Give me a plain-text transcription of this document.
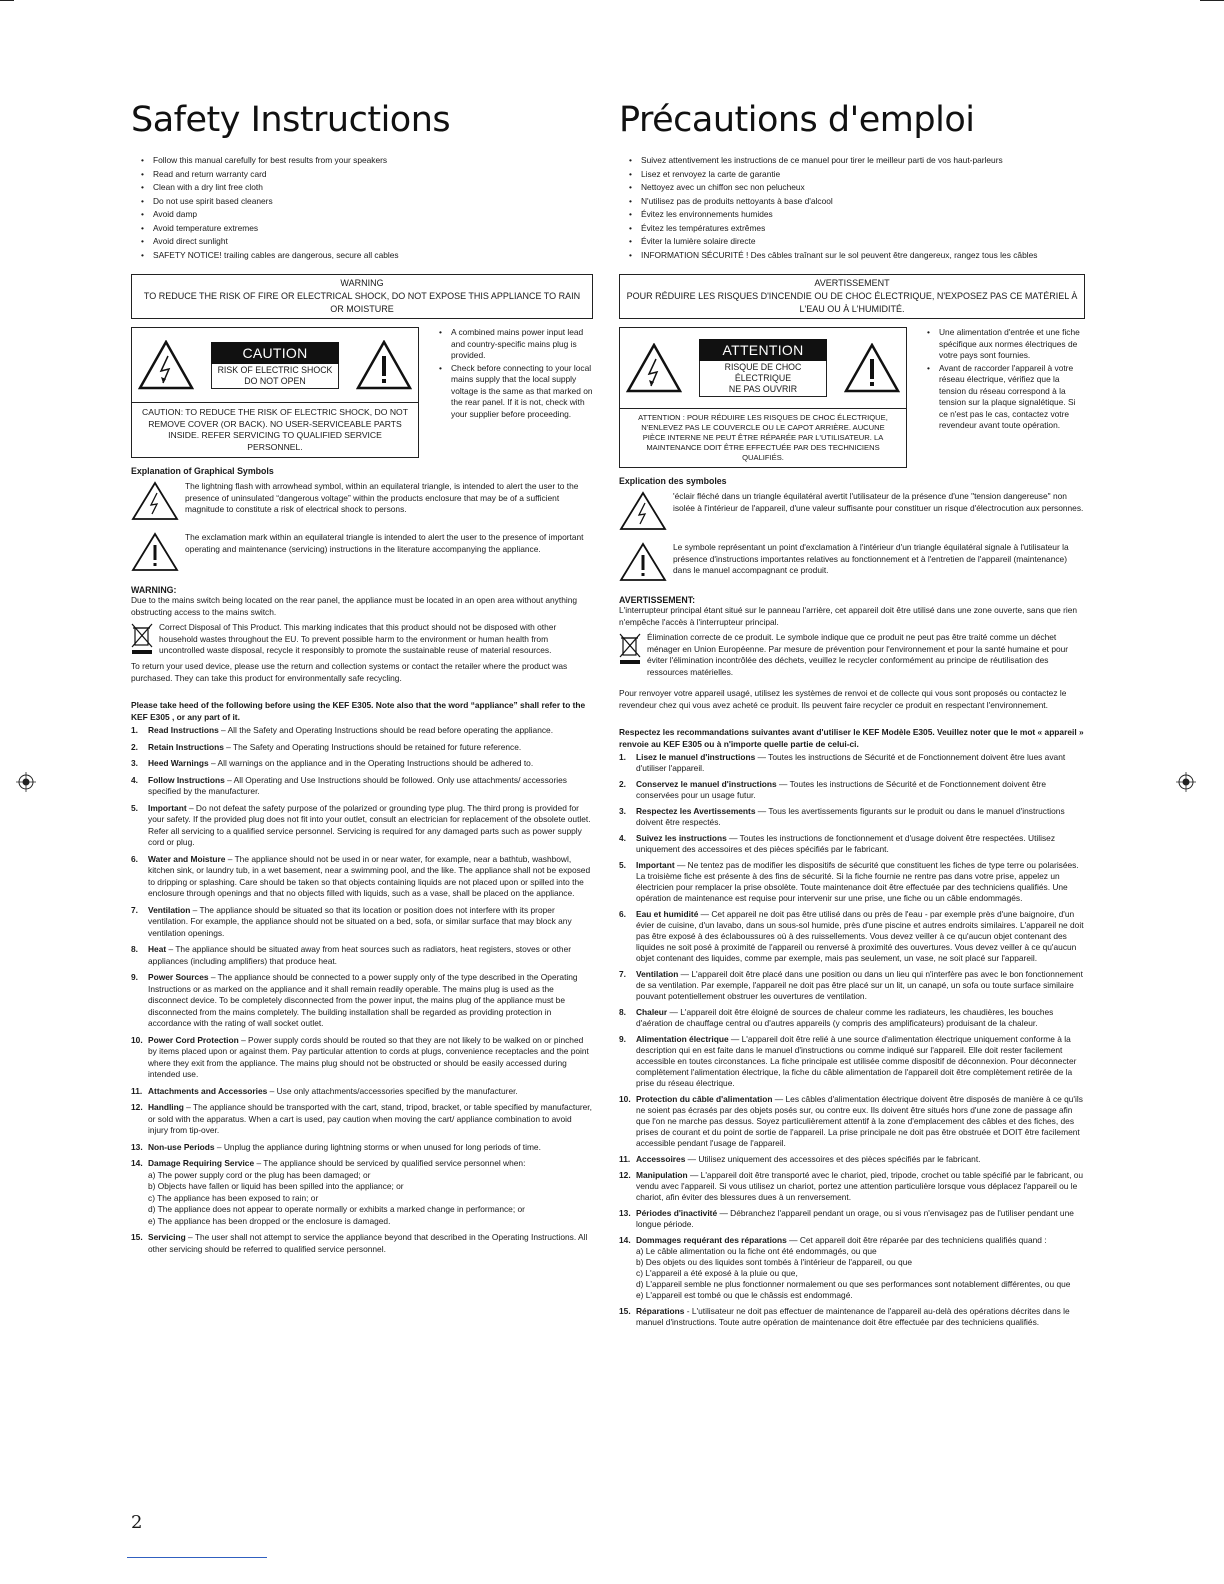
Safety Instructions
• Follow this manual carefully for best results from your speakers
• Read and return warranty card
• Clean with a dry lint free cloth
• Do not use spirit based cleaners
• Avoid damp
• Avoid temperature extremes
• Avoid direct sunlight
• SAFETY NOTICE! trailing cables are dangerous, secure all cables
WARNING
TO REDUCE THE RISK OF FIRE OR ELECTRICAL SHOCK, DO NOT EXPOSE THIS APPLIANCE TO RAIN OR MOISTURE
CAUTION
RISK OF ELECTRIC SHOCK
DO NOT OPEN
CAUTION: TO REDUCE THE RISK OF ELECTRIC SHOCK, DO NOT REMOVE COVER (OR BACK). NO USER-SERVICEABLE PARTS INSIDE. REFER SERVICING TO QUALIFIED SERVICE PERSONNEL.
• A combined mains power input lead and country-specific mains plug is provided.
• Check before connecting to your local mains supply that the local supply voltage is the same as that marked on the rear panel. If it is not, check with your supplier before proceeding.
Explanation of Graphical Symbols
The lightning flash with arrowhead symbol, within an equilateral triangle, is intended to alert the user to the presence of uninsulated “dangerous voltage” within the products enclosure that may be of a sufficient magnitude to constitute a risk of electrical shock to persons.
The exclamation mark within an equilateral triangle is intended to alert the user to the presence of important operating and maintenance (servicing) instructions in the literature accompanying the appliance.
WARNING:

Due to the mains switch being located on the rear panel, the appliance must be located in an open area without anything obstructing access to the mains switch.

Correct Disposal of This Product. This marking indicates that this product should not be disposed with other household wastes throughout the EU. To prevent possible harm to the environment or human health from uncontrolled waste disposal, recycle it responsibly to promote the sustainable reuse of material resources.

To return your used device, please use the return and collection systems or contact the retailer where the product was purchased. They can take this product for environmentally safe recycling.

Please take heed of the following before using the KEF E305. Note also that the word “appliance” shall refer to the KEF E305 , or any part of it.
1. Read Instructions – All the Safety and Operating Instructions should be read before operating the appliance.
2. Retain Instructions – The Safety and Operating Instructions should be retained for future reference.
3. Heed Warnings – All warnings on the appliance and in the Operating Instructions should be adhered to.
4. Follow Instructions – All Operating and Use Instructions should be followed. Only use attachments/ accessories specified by the manufacturer.
5. Important – Do not defeat the safety purpose of the polarized or grounding type plug. The third prong is provided for your safety. If the provided plug does not fit into your outlet, consult an electrician for replacement of the obsolete outlet. Refer all servicing to a qualified service personnel. Servicing is required for any damaged parts such as power supply cord or plug.
6. Water and Moisture – The appliance should not be used in or near water, for example, near a bathtub, washbowl, kitchen sink, or laundry tub, in a wet basement, near a swimming pool, and the like. The appliance shall not be exposed to dripping or splashing. Care should be taken so that objects containing liquids are not placed upon or spilled into the enclosure through openings and that no objects filled with liquids, such as a vase, shall be placed on the appliance.
7. Ventilation – The appliance should be situated so that its location or position does not interfere with its proper ventilation. For example, the appliance should not be situated on a bed, sofa, or similar surface that may block any ventilation openings.
8. Heat – The appliance should be situated away from heat sources such as radiators, heat registers, stoves or other appliances (including amplifiers) that produce heat.
9. Power Sources – The appliance should be connected to a power supply only of the type described in the Operating Instructions or as marked on the appliance and it shall remain readily operable. The mains plug is used as the disconnect device. To be completely disconnected from the power input, the mains plug of the appliance must be disconnected from the mains completely. The building installation shall be regarded as providing protection in accordance with the rating of wall socket outlet.
10. Power Cord Protection – Power supply cords should be routed so that they are not likely to be walked on or pinched by items placed upon or against them. Pay particular attention to cords at plugs, convenience receptacles and the point where they exit from the appliance. The mains plug should not be obstructed or should be easily accessed during intended use.
11. Attachments and Accessories – Use only attachments/accessories specified by the manufacturer.
12. Handling – The appliance should be transported with the cart, stand, tripod, bracket, or table specified by manufacturer, or sold with the apparatus. When a cart is used, pay caution when moving the cart/ appliance combination to avoid injury from tip-over.
13. Non-use Periods – Unplug the appliance during lightning storms or when unused for long periods of time.
14. Damage Requiring Service – The appliance should be serviced by qualified service personnel when:
a) The power supply cord or the plug has been damaged; or
b) Objects have fallen or liquid has been spilled into the appliance; or
c) The appliance has been exposed to rain; or
d) The appliance does not appear to operate normally or exhibits a marked change in performance; or
e) The appliance has been dropped or the enclosure is damaged.
15. Servicing – The user shall not attempt to service the appliance beyond that described in the Operating Instructions. All other servicing should be referred to qualified service personnel.
Précautions d'emploi
• Suivez attentivement les instructions de ce manuel pour tirer le meilleur parti de vos haut-parleurs
• Lisez et renvoyez la carte de garantie
• Nettoyez avec un chiffon sec non pelucheux
• N'utilisez pas de produits nettoyants à base d'alcool
• Évitez les environnements humides
• Évitez les températures extrêmes
• Éviter la lumière solaire directe
• INFORMATION SÉCURITÉ ! Des câbles traînant sur le sol peuvent être dangereux, rangez tous les câbles
AVERTISSEMENT
POUR RÉDUIRE LES RISQUES D'INCENDIE OU DE CHOC ÉLECTRIQUE, N'EXPOSEZ PAS CE MATÉRIEL À L'EAU OU À L'HUMIDITÉ.
ATTENTION
RISQUE DE CHOC
ÉLECTRIQUE
NE PAS OUVRIR
ATTENTION : POUR RÉDUIRE LES RISQUES DE CHOC ÉLECTRIQUE, N'ENLEVEZ PAS LE COUVERCLE OU LE CAPOT ARRIÈRE. AUCUNE PIÈCE INTERNE NE PEUT ÊTRE RÉPARÉE PAR L'UTILISATEUR. LA MAINTENANCE DOIT ÊTRE EFFECTUÉE PAR DES TECHNICIENS QUALIFIÉS.
• Une alimentation d'entrée et une fiche spécifique aux normes électriques de votre pays sont fournies.
• Avant de raccorder l'appareil à votre réseau électrique, vérifiez que la tension du réseau correspond à la tension sur la plaque signalétique. Si ce n'est pas le cas, contactez votre revendeur avant toute opération.
Explication des symboles
'éclair fléché dans un triangle équilatéral avertit l'utilisateur de la présence d'une "tension dangereuse" non isolée à l'intérieur de l'appareil, d'une valeur suffisante pour constituer un risque d'électrocution aux personnes.
Le symbole représentant un point d'exclamation à l'intérieur d'un triangle équilatéral signale à l'utilisateur la présence d'instructions importantes relatives au fonctionnement et à l'entretien de l'appareil (maintenance) dans le manuel accompagnant ce produit.
AVERTISSEMENT:

L'interrupteur principal étant situé sur le panneau l'arrière, cet appareil doit être utilisé dans une zone ouverte, sans que rien n'empêche l'accès à l'interrupteur principal.

Élimination correcte de ce produit. Le symbole indique que ce produit ne peut pas être traité comme un déchet ménager en Union Européenne. Par mesure de prévention pour l'environnement et pour la santé humaine et pour éviter l'élimination incontrôlée des déchets, veuillez le recycler conformément au principe de réutilisation des ressources matérielles.

Pour renvoyer votre appareil usagé, utilisez les systèmes de renvoi et de collecte qui vous sont proposés ou contactez le revendeur chez qui vous avez acheté ce produit. Ils peuvent faire recycler ce produit en respectant l'environnement.

Respectez les recommandations suivantes avant d'utiliser le KEF Modèle E305. Veuillez noter que le mot « appareil » renvoie au KEF E305 ou à n'importe quelle partie de celui-ci.
1. Lisez le manuel d'instructions — Toutes les instructions de Sécurité et de Fonctionnement doivent être lues avant d'utiliser l'appareil.
2. Conservez le manuel d'instructions — Toutes les instructions de Sécurité et de Fonctionnement doivent être conservées pour un usage futur.
3. Respectez les Avertissements — Tous les avertissements figurants sur le produit ou dans le manuel d'instructions doivent être respectés.
4. Suivez les instructions — Toutes les instructions de fonctionnement et d'usage doivent être respectées. Utilisez uniquement des accessoires et des pièces spécifiés par le fabricant.
5. Important — Ne tentez pas de modifier les dispositifs de sécurité que constituent les fiches de type terre ou polarisées. La troisième fiche est présente à des fins de sécurité. Si la fiche fournie ne rentre pas dans votre prise, appelez un électricien pour remplacer la prise obsolète. Toute maintenance doit être effectuée par des techniciens qualifiés. Une opération de maintenance est requise pour intervenir sur une prise, une fiche ou un câble endommagés.
6. Eau et humidité — Cet appareil ne doit pas être utilisé dans ou près de l'eau - par exemple près d'une baignoire, d'un évier de cuisine, d'un lavabo, dans un sous-sol humide, près d'une piscine et autres endroits similaires. L'appareil ne doit pas être exposé à des éclaboussures où à des ruissellements. Vous devez veiller à ce qu'aucun objet contenant des liquides ne soit posé à proximité de l'appareil ou renversé à proximité des ouvertures. Vous devez veiller à ce qu'aucun objet contenant des liquides, comme par exemple, mais pas seulement, un vase, ne soit placé sur l'appareil.
7. Ventilation — L'appareil doit être placé dans une position ou dans un lieu qui n'interfère pas avec le bon fonctionnement de sa ventilation. Par exemple, l'appareil ne doit pas être placé sur un lit, un canapé, un sofa ou toute surface similaire pouvant potentiellement obstruer les ouvertures de ventilation.
8. Chaleur — L'appareil doit être éloigné de sources de chaleur comme les radiateurs, les chaudières, les bouches d'aération de chauffage central ou d'autres appareils (y compris des amplificateurs) produisant de la chaleur.
9. Alimentation électrique — L'appareil doit être relié à une source d'alimentation électrique uniquement conforme à la description qui en est faite dans le manuel d'instructions ou comme indiqué sur l'appareil. Elle doit rester facilement accessible en toutes circonstances. La fiche principale est utilisée comme dispositif de déconnexion. Pour déconnecter complètement l'alimentation électrique, la fiche du câble alimentation de l'appareil doit être complètement retirée de la prise du réseau électrique.
10. Protection du câble d'alimentation — Les câbles d'alimentation électrique doivent être disposés de manière à ce qu'ils ne soient pas écrasés par des objets posés sur, ou contre eux. Ils doivent être situés hors d'une zone de passage afin que l'on ne marche pas dessus. Soyez particulièrement attentif à la zone d'emplacement des câbles et des fiches, des prises de courant et du point de sortie de l'appareil. La prise principale ne doit pas être obstruée et DOIT être facilement accessible pendant l'usage de l'appareil.
11. Accessoires — Utilisez uniquement des accessoires et des pièces spécifiés par le fabricant.
12. Manipulation — L'appareil doit être transporté avec le chariot, pied, tripode, crochet ou table spécifié par le fabricant, ou vendu avec l'appareil. Si vous utilisez un chariot, portez une attention particulière lorsque vous déplacez l'appareil ou le chariot, afin éviter des blessures dues à un renversement.
13. Périodes d'inactivité — Débranchez l'appareil pendant un orage, ou si vous n'envisagez pas de l'utiliser pendant une longue période.
14. Dommages requérant des réparations — Cet appareil doit être réparée par des techniciens qualifiés quand :
a) Le câble alimentation ou la fiche ont été endommagés, ou que
b) Des objets ou des liquides sont tombés à l'intérieur de l'appareil, ou que
c) L'appareil a été exposé à la pluie ou que,
d) L'appareil semble ne plus fonctionner normalement ou que ses performances sont notablement différentes, ou que
e) L'appareil est tombé ou que le châssis est endommagé.
15. Réparations - L'utilisateur ne doit pas effectuer de maintenance de l'appareil au-delà des opérations décrites dans le manuel d'instructions. Toute autre opération de maintenance doit être effectuée par des techniciens qualifiés.
2
